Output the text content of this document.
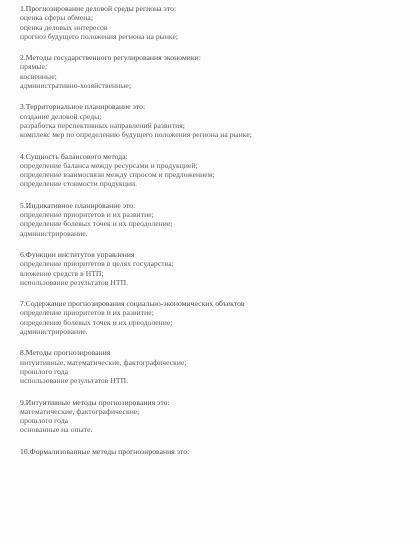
1.Прогнозирование деловой среды региона это:
оценка сферы обмена;
оценка деловых интересов
прогноз будущего положения региона на рынке;
2.Методы государственного регулирования экономики:
прямые;
косвенные;
административно-хозяйственные;
3.Территориальное планирование это:
создание деловой среды;
разработка перспективных направлений развития;
комплекс мер по определению будущего положения региона на рынке;
4.Сущность балансового метода:
определение баланса между ресурсами и продукцией;
определение взаимосвязи между спросом и предложением;
определение стоимости продукции.
5.Индикативное планирование это:
определение приоритетов и их развитие;
определение болевых точек и их преодоление;
администрирование.
6.Функции институтов управления
определение приоритетов в целях государства;
вложение средств в НТП;
использование результатов НТП.
7.Содержание прогнозирования социально-экономических объектов
определение приоритетов и их развитие;
определение болевых точек и их преодоление;
администрирование.
8.Методы прогнозирования
интуитивные, математические, фактографические;
прошлого года
использование результатов НТП.
9.Интуитивные методы прогнозирования это:
математические, фактографические;
прошлого года
основанные на опыте.
10.Формализованные методы прогнозирования это:
